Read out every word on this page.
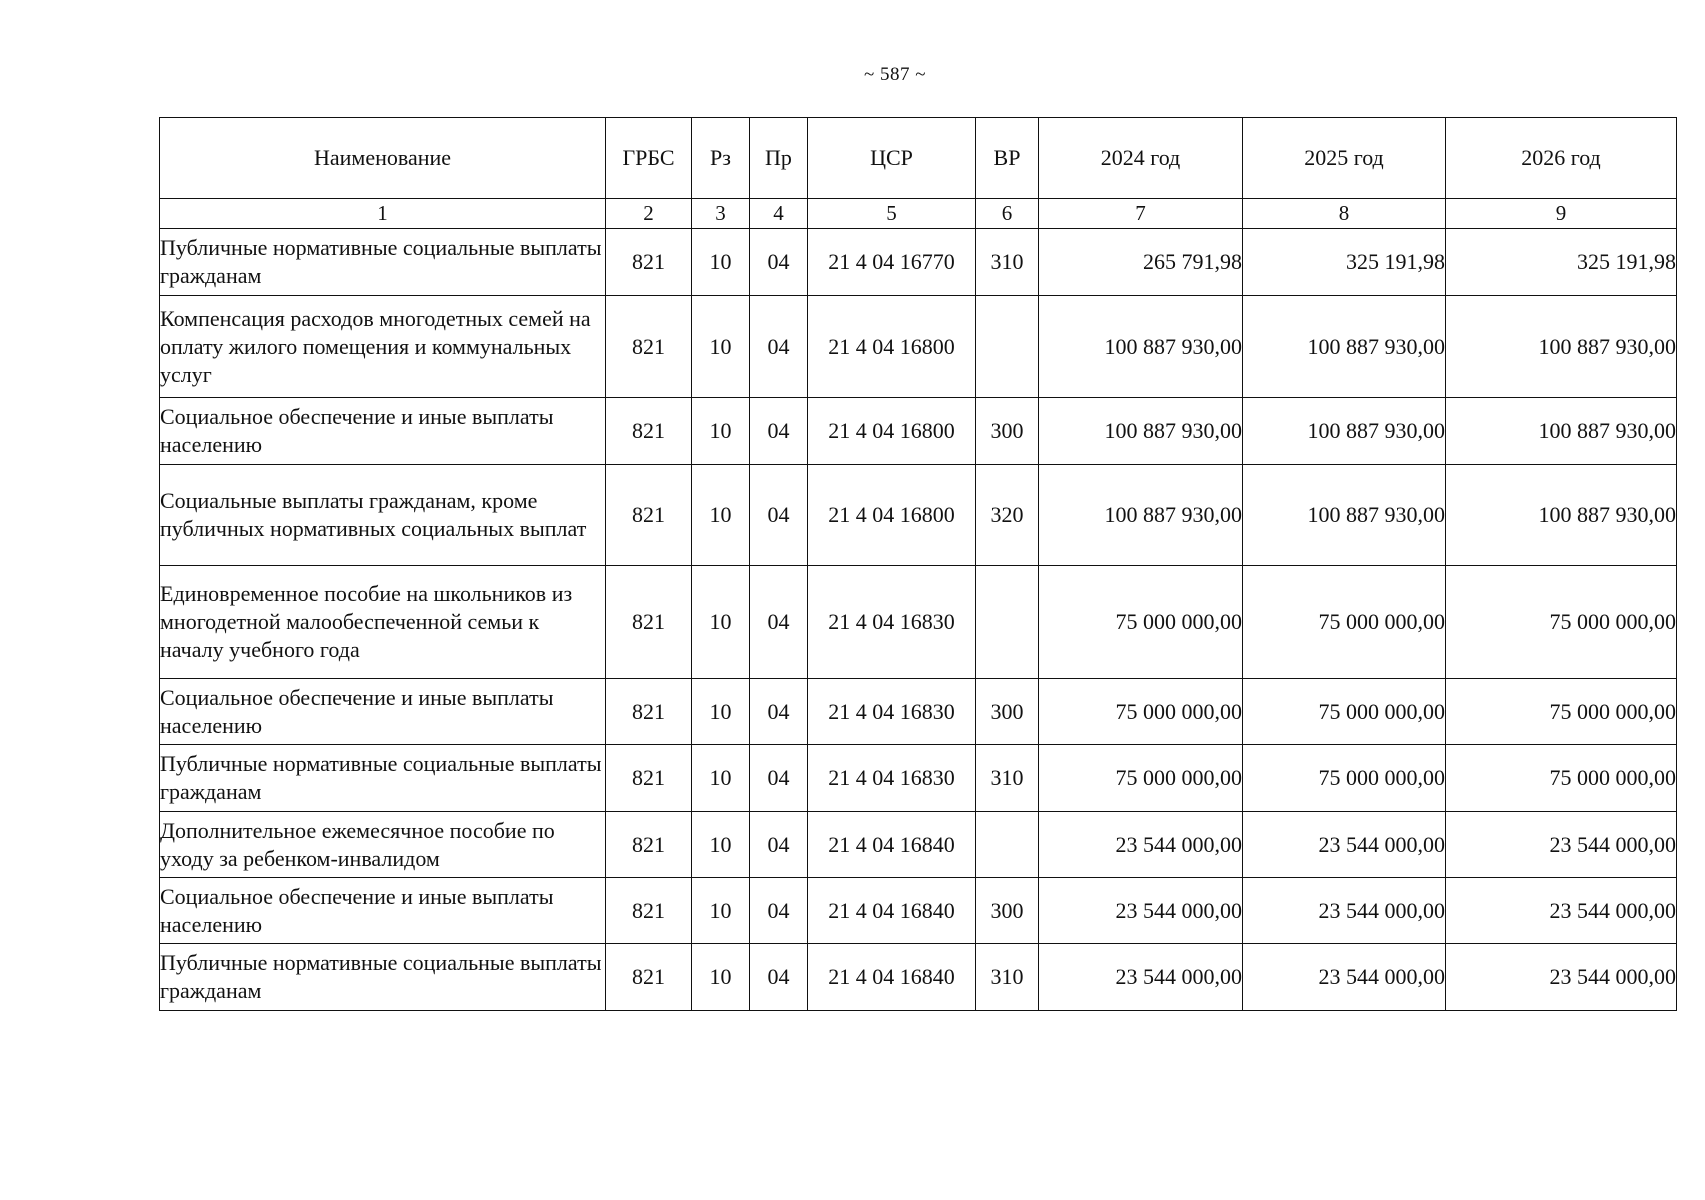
~ 587 ~
Наименование	ГРБС	Рз	Пр	ЦСР	ВР	2024 год	2025 год	2026 год
1	2	3	4	5	6	7	8	9
Публичные нормативные социальные выплаты гражданам	821	10	04	21 4 04 16770	310	265 791,98	325 191,98	325 191,98
Компенсация расходов многодетных семей на оплату жилого помещения и коммунальных услуг	821	10	04	21 4 04 16800		100 887 930,00	100 887 930,00	100 887 930,00
Социальное обеспечение и иные выплаты населению	821	10	04	21 4 04 16800	300	100 887 930,00	100 887 930,00	100 887 930,00
Социальные выплаты гражданам, кроме публичных нормативных социальных выплат	821	10	04	21 4 04 16800	320	100 887 930,00	100 887 930,00	100 887 930,00
Единовременное пособие на школьников из многодетной малообеспеченной семьи к началу учебного года	821	10	04	21 4 04 16830		75 000 000,00	75 000 000,00	75 000 000,00
Социальное обеспечение и иные выплаты населению	821	10	04	21 4 04 16830	300	75 000 000,00	75 000 000,00	75 000 000,00
Публичные нормативные социальные выплаты гражданам	821	10	04	21 4 04 16830	310	75 000 000,00	75 000 000,00	75 000 000,00
Дополнительное ежемесячное пособие по уходу за ребенком-инвалидом	821	10	04	21 4 04 16840		23 544 000,00	23 544 000,00	23 544 000,00
Социальное обеспечение и иные выплаты населению	821	10	04	21 4 04 16840	300	23 544 000,00	23 544 000,00	23 544 000,00
Публичные нормативные социальные выплаты гражданам	821	10	04	21 4 04 16840	310	23 544 000,00	23 544 000,00	23 544 000,00
